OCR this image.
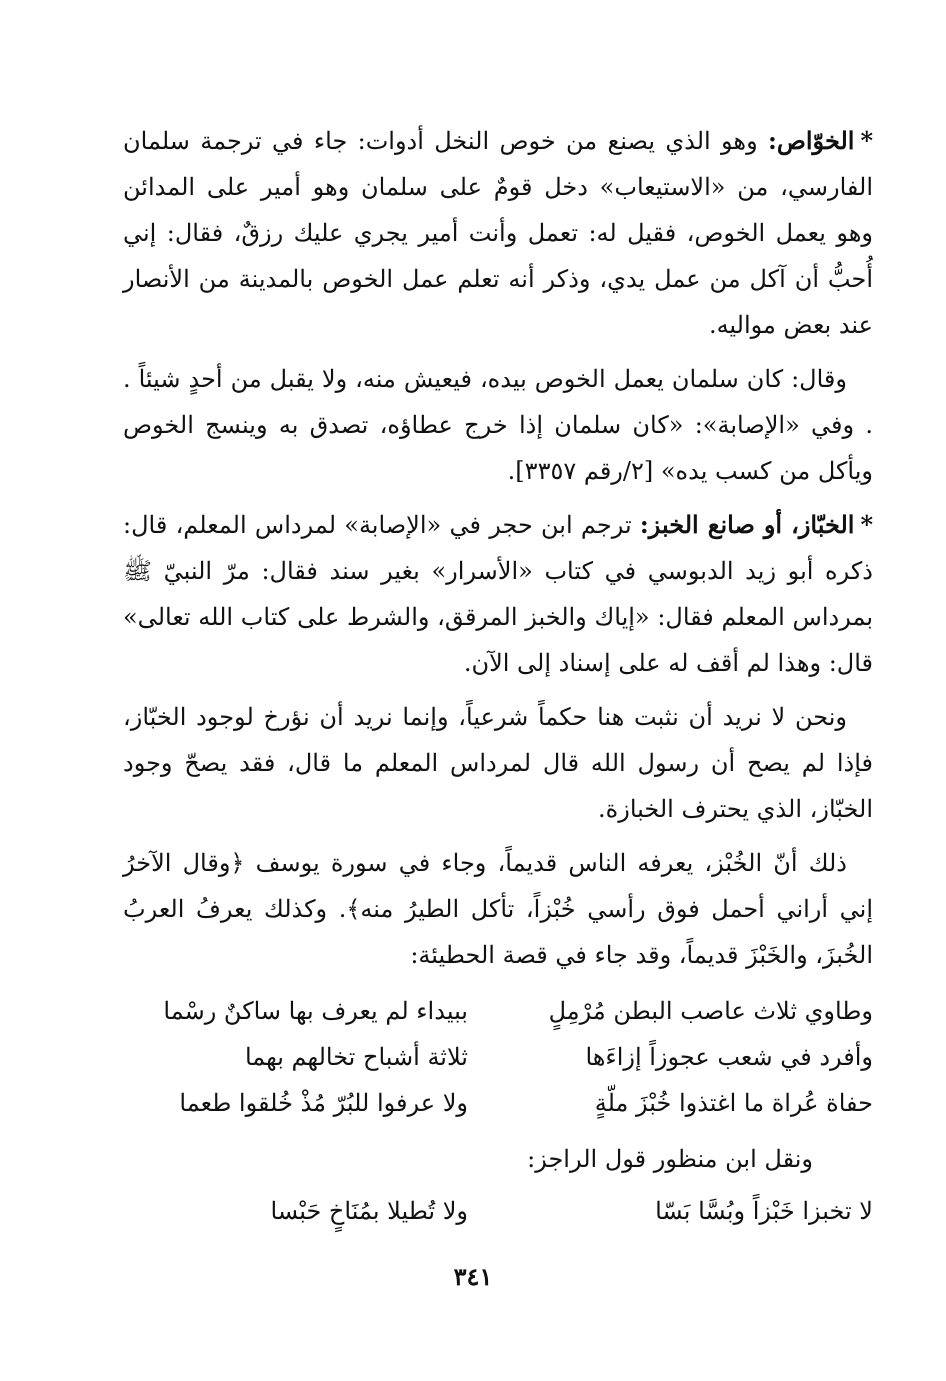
*الخوّاص: وهو الذي يصنع من خوص النخل أدوات: جاء في ترجمة سلمان الفارسي، من «الاستيعاب» دخل قومٌ على سلمان وهو أمير على المدائن وهو يعمل الخوص، فقيل له: تعمل وأنت أمير يجري عليك رزقٌ، فقال: إني أُحبُّ أن آكل من عمل يدي، وذكر أنه تعلم عمل الخوص بالمدينة من الأنصار عند بعض مواليه.

وقال: كان سلمان يعمل الخوص بيده، فيعيش منه، ولا يقبل من أحدٍ شيئاً . . وفي «الإصابة»: «كان سلمان إذا خرج عطاؤه، تصدق به وينسج الخوص ويأكل من كسب يده» [٢/رقم ٣٣٥٧].

*الخبّاز، أو صانع الخبز: ترجم ابن حجر في «الإصابة» لمرداس المعلم، قال: ذكره أبو زيد الدبوسي في كتاب «الأسرار» بغير سند فقال: مرّ النبيّ ﷺ بمرداس المعلم فقال: «إياك والخبز المرقق، والشرط على كتاب الله تعالى» قال: وهذا لم أقف له على إسناد إلى الآن.

ونحن لا نريد أن نثبت هنا حكماً شرعياً، وإنما نريد أن نؤرخ لوجود الخبّاز، فإذا لم يصح أن رسول الله قال لمرداس المعلم ما قال، فقد يصحّ وجود الخبّاز، الذي يحترف الخبازة.

ذلك أنّ الخُبْز، يعرفه الناس قديماً، وجاء في سورة يوسف ﴿وقال الآخرُ إني أراني أحمل فوق رأسي خُبْزاً، تأكل الطيرُ منه﴾. وكذلك يعرفُ العربُ الخُبزَ، والخَبْزَ قديماً، وقد جاء في قصة الحطيئة:

وطاوي ثلاث عاصب البطن مُرْمِلٍ
ببيداء لم يعرف بها ساكنٌ رسْما
وأفرد في شعب عجوزاً إزاءَها
ثلاثة أشباح تخالهم بهما
حفاة عُراة ما اغتذوا خُبْزَ ملّةٍ
ولا عرفوا للبُرّ مُذْ خُلقوا طعما

ونقل ابن منظور قول الراجز:

لا تخبزا خَبْزاً وبُسَّا بَسّا
ولا تُطيلا بمُنَاخٍ حَبْسا
٣٤١
